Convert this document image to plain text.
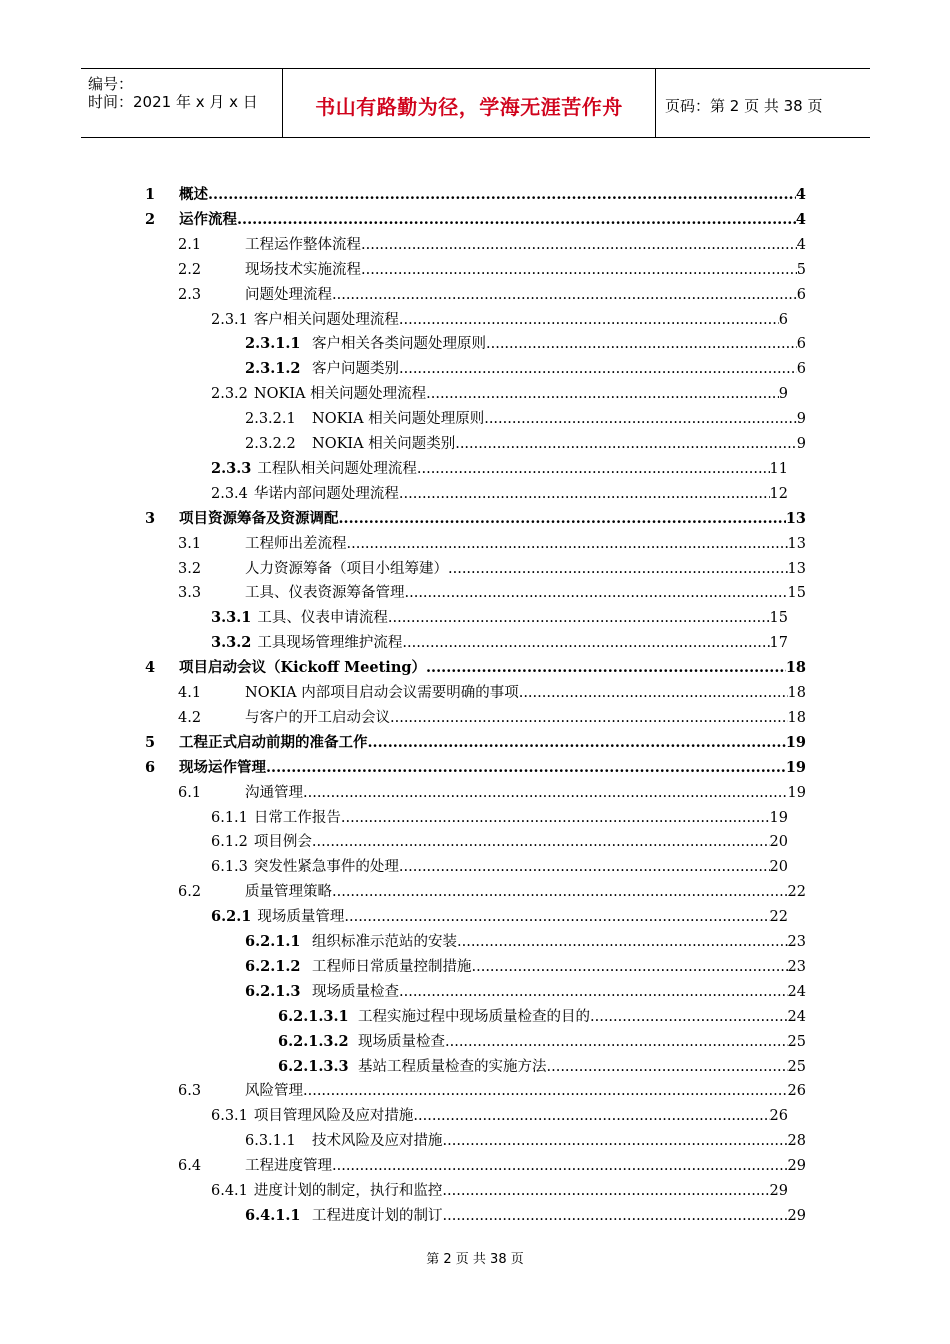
编号：
时间：2021 年 x 月 x 日	书山有路勤为径，学海无涯苦作舟	页码：第 2 页 共 38 页
1	概述 .....	4
2	运作流程 .....	4
2.1	工程运作整体流程 .....	4
2.2	现场技术实施流程 .....	5
2.3	问题处理流程 .....	6
2.3.1 客户相关问题处理流程 .....	6
2.3.1.1 客户相关各类问题处理原则 .....	6
2.3.1.2 客户问题类别 .....	6
2.3.2 NOKIA 相关问题处理流程 .....	9
2.3.2.1	NOKIA 相关问题处理原则 .....	9
2.3.2.2	NOKIA 相关问题类别 .....	9
2.3.3 工程队相关问题处理流程 .....	11
2.3.4 华诺内部问题处理流程 .....	12
3	项目资源筹备及资源调配 .....	13
3.1	工程师出差流程 .....	13
3.2	人力资源筹备（项目小组筹建） .....	13
3.3	工具、仪表资源筹备管理 .....	15
3.3.1 工具、仪表申请流程 .....	15
3.3.2 工具现场管理维护流程 .....	17
4	项目启动会议（Kickoff Meeting） .....	18
4.1	NOKIA 内部项目启动会议需要明确的事项 .....	18
4.2	与客户的开工启动会议 .....	18
5	工程正式启动前期的准备工作 .....	19
6	现场运作管理 .....	19
6.1	沟通管理 .....	19
6.1.1 日常工作报告 .....	19
6.1.2 项目例会 .....	20
6.1.3 突发性紧急事件的处理 .....	20
6.2	质量管理策略 .....	22
6.2.1 现场质量管理 .....	22
6.2.1.1 组织标准示范站的安装 .....	23
6.2.1.2 工程师日常质量控制措施 .....	23
6.2.1.3 现场质量检查 .....	24
6.2.1.3.1 工程实施过程中现场质量检查的目的 .....	24
6.2.1.3.2 现场质量检查 .....	25
6.2.1.3.3 基站工程质量检查的实施方法 .....	25
6.3	风险管理 .....	26
6.3.1 项目管理风险及应对措施 .....	26
6.3.1.1	技术风险及应对措施 .....	28
6.4	工程进度管理 .....	29
6.4.1 进度计划的制定，执行和监控 .....	29
6.4.1.1 工程进度计划的制订 .....	29
第 2 页 共 38 页
